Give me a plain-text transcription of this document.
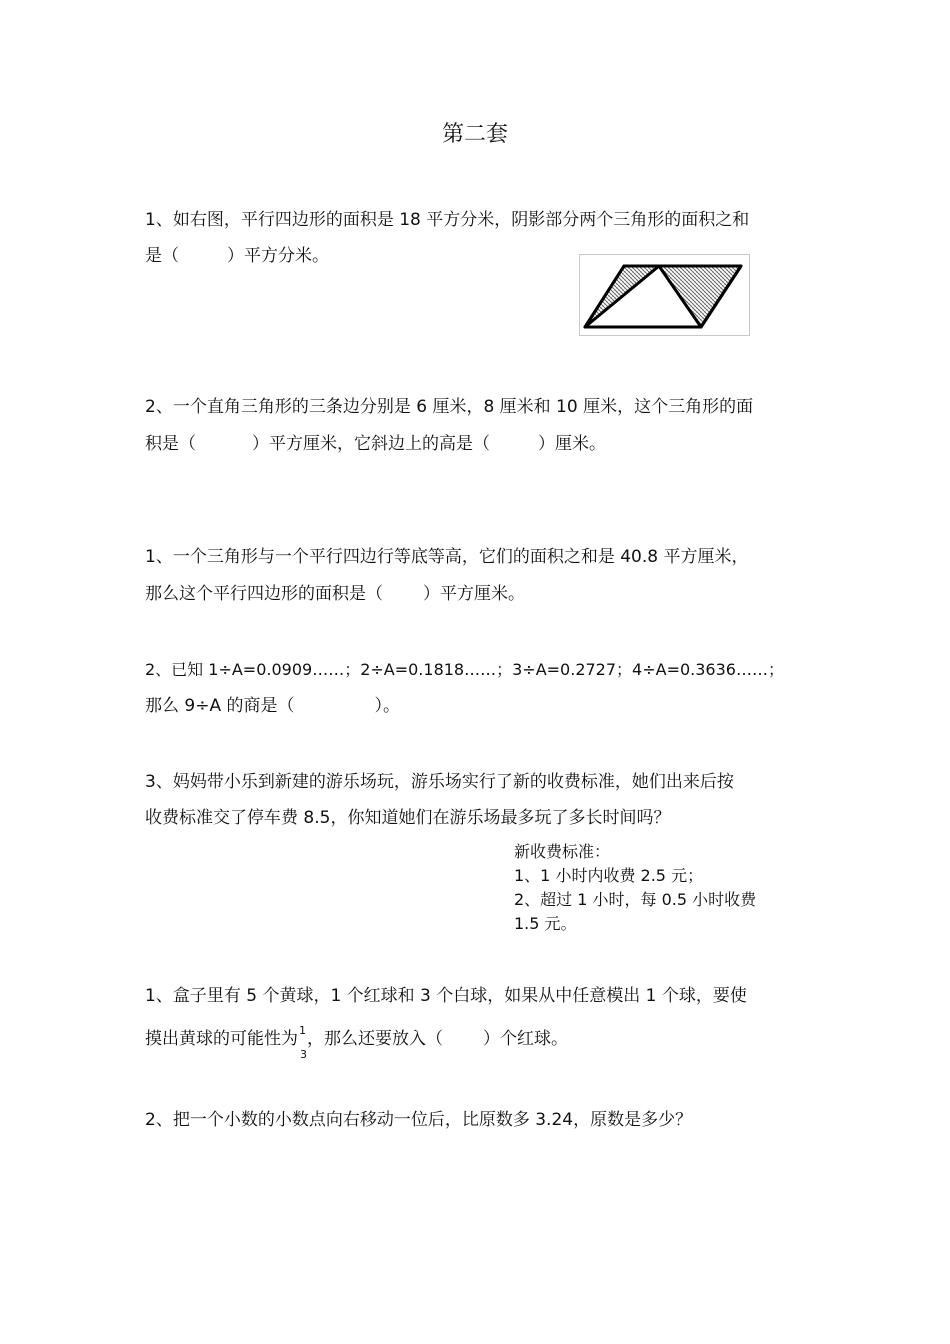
第二套
1、如右图，平行四边形的面积是 18 平方分米，阴影部分两个三角形的面积之和
是（	）平方分米。
2、一个直角三角形的三条边分别是 6 厘米，8 厘米和 10 厘米，这个三角形的面
积是（	）平方厘米，它斜边上的高是（	）厘米。
1、一个三角形与一个平行四边行等底等高，它们的面积之和是 40.8 平方厘米，
那么这个平行四边形的面积是（ ）平方厘米。
2、已知 1÷A=0.0909……；2÷A=0.1818……；3÷A=0.2727；4÷A=0.3636……；
那么 9÷A 的商是（	）。
3、妈妈带小乐到新建的游乐场玩，游乐场实行了新的收费标准，她们出来后按
收费标准交了停车费 8.5，你知道她们在游乐场最多玩了多长时间吗？
新收费标准：
1、1 小时内收费 2.5 元；
2、超过 1 小时，每 0.5 小时收费
1.5 元。
1、盒子里有 5 个黄球，1 个红球和 3 个白球，如果从中任意模出 1 个球，要使
摸出黄球的可能性为 1
3
，那么还要放入（ ）个红球。
2、把一个小数的小数点向右移动一位后，比原数多 3.24，原数是多少？
